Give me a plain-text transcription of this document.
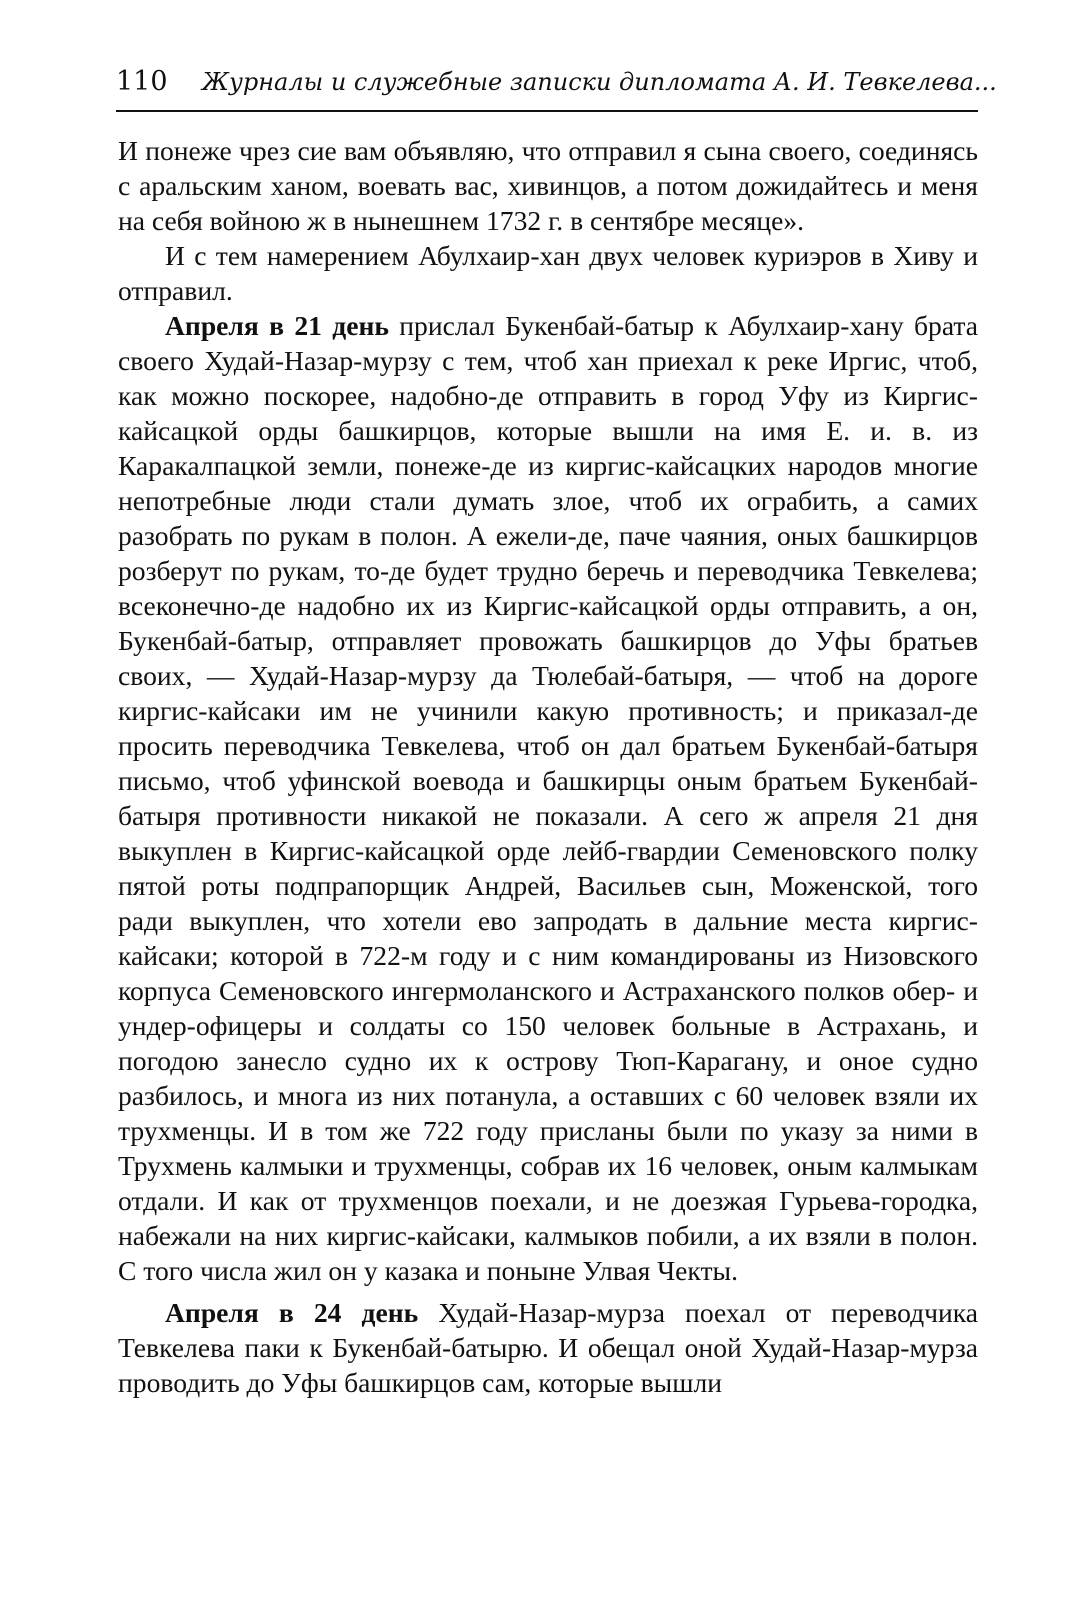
110 Журналы и служебные записки дипломата А. И. Тевкелева...

И понеже чрез сие вам объявляю, что отправил я сына своего, соединясь с аральским ханом, воевать вас, хивинцов, а потом дожидайтесь и меня на себя войною ж в нынешнем 1732 г. в сентябре месяце».

И с тем намерением Абулхаир-хан двух человек куриэров в Хиву и отправил.

Апреля в 21 день прислал Букенбай-батыр к Абулхаир-хану брата своего Худай-Назар-мурзу с тем, чтоб хан приехал к реке Иргис, чтоб, как можно поскорее, надобно-де отправить в город Уфу из Киргис-кайсацкой орды башкирцов, которые вышли на имя Е. и. в. из Каракалпацкой земли, понеже-де из киргис-кайсацких народов многие непотребные люди стали думать злое, чтоб их ограбить, а самих разобрать по рукам в полон. А ежели-де, паче чаяния, оных башкирцов розберут по рукам, то-де будет трудно беречь и переводчика Тевкелева; всеконечно-де надобно их из Киргис-кайсацкой орды отправить, а он, Букенбай-батыр, отправляет провожать башкирцов до Уфы братьев своих, — Худай-Назар-мурзу да Тюлебай-батыря, — чтоб на дороге киргис-кайсаки им не учинили какую противность; и приказал-де просить переводчика Тевкелева, чтоб он дал братьем Букенбай-батыря письмо, чтоб уфинской воевода и башкирцы оным братьем Букенбай-батыря противности никакой не показали. А сего ж апреля 21 дня выкуплен в Киргис-кайсацкой орде лейб-гвардии Семеновского полку пятой роты подпрапорщик Андрей, Васильев сын, Моженской, того ради выкуплен, что хотели ево запродать в дальние места киргис-кайсаки; которой в 722-м году и с ним командированы из Низовского корпуса Семеновского ингермоланского и Астраханского полков обер- и ундер-офицеры и солдаты со 150 человек больные в Астрахань, и погодою занесло судно их к острову Тюп-Карагану, и оное судно разбилось, и многа из них потанула, а оставших с 60 человек взяли их трухменцы. И в том же 722 году присланы были по указу за ними в Трухмень калмыки и трухменцы, собрав их 16 человек, оным калмыкам отдали. И как от трухменцов поехали, и не доезжая Гурьева-городка, набежали на них киргис-кайсаки, калмыков побили, а их взяли в полон. С того числа жил он у казака и поныне Улвая Чекты.

Апреля в 24 день Худай-Назар-мурза поехал от переводчика Тевкелева паки к Букенбай-батырю. И обещал оной Худай-Назар-мурза проводить до Уфы башкирцов сам, которые вышли
